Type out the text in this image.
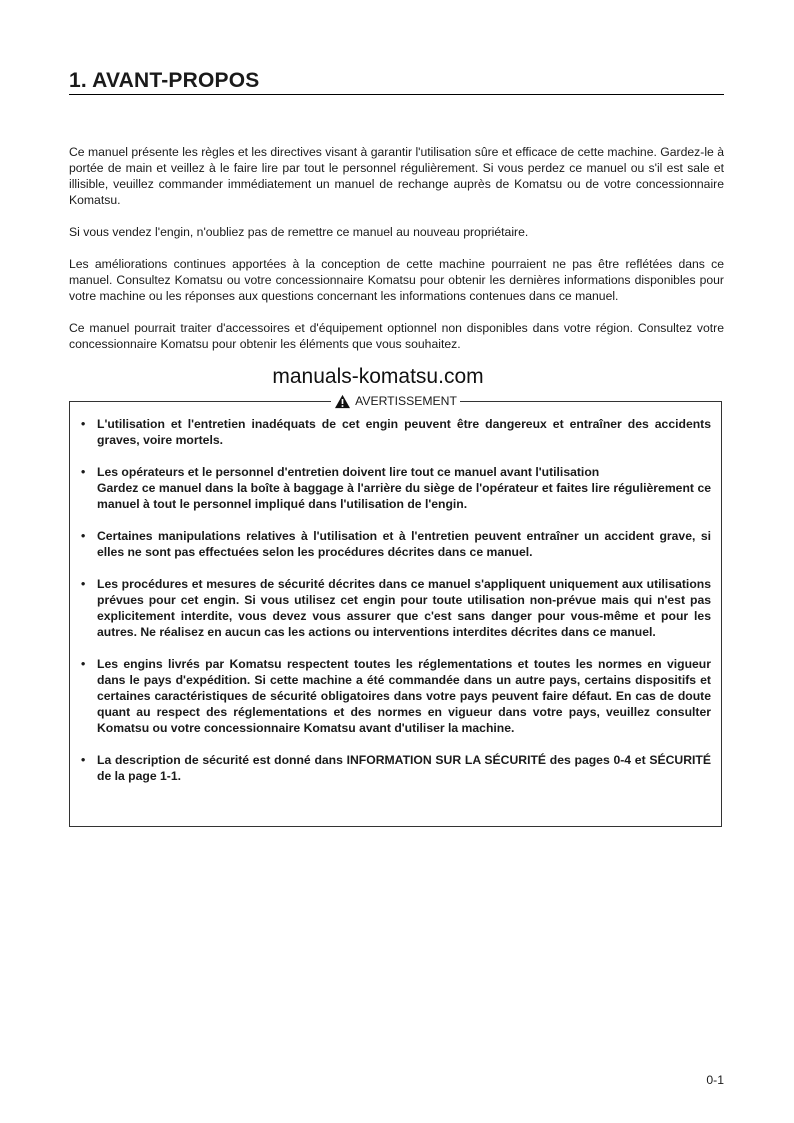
1. AVANT-PROPOS

Ce manuel présente les règles et les directives visant à garantir l'utilisation sûre et efficace de cette machine. Gardez-le à portée de main et veillez à le faire lire par tout le personnel régulièrement. Si vous perdez ce manuel ou s'il est sale et illisible, veuillez commander immédiatement un manuel de rechange auprès de Komatsu ou de votre concessionnaire Komatsu.

Si vous vendez l'engin, n'oubliez pas de remettre ce manuel au nouveau propriétaire.

Les améliorations continues apportées à la conception de cette machine pourraient ne pas être reflétées dans ce manuel. Consultez Komatsu ou votre concessionnaire Komatsu pour obtenir les dernières informations disponibles pour votre machine ou les réponses aux questions concernant les informations contenues dans ce manuel.

Ce manuel pourrait traiter d'accessoires et d'équipement optionnel non disponibles dans votre région. Consultez votre concessionnaire Komatsu pour obtenir les éléments que vous souhaitez.

manuals-komatsu.com
AVERTISSEMENT
• L'utilisation et l'entretien inadéquats de cet engin peuvent être dangereux et entraîner des accidents graves, voire mortels.
• Les opérateurs et le personnel d'entretien doivent lire tout ce manuel avant l'utilisation
Gardez ce manuel dans la boîte à baggage à l'arrière du siège de l'opérateur et faites lire régulièrement ce manuel à tout le personnel impliqué dans l'utilisation de l'engin.
• Certaines manipulations relatives à l'utilisation et à l'entretien peuvent entraîner un accident grave, si elles ne sont pas effectuées selon les procédures décrites dans ce manuel.
• Les procédures et mesures de sécurité décrites dans ce manuel s'appliquent uniquement aux utilisations prévues pour cet engin. Si vous utilisez cet engin pour toute utilisation non-prévue mais qui n'est pas explicitement interdite, vous devez vous assurer que c'est sans danger pour vous-même et pour les autres. Ne réalisez en aucun cas les actions ou interventions interdites décrites dans ce manuel.
• Les engins livrés par Komatsu respectent toutes les réglementations et toutes les normes en vigueur dans le pays d'expédition. Si cette machine a été commandée dans un autre pays, certains dispositifs et certaines caractéristiques de sécurité obligatoires dans votre pays peuvent faire défaut. En cas de doute quant au respect des réglementations et des normes en vigueur dans votre pays, veuillez consulter Komatsu ou votre concessionnaire Komatsu avant d'utiliser la machine.
• La description de sécurité est donné dans INFORMATION SUR LA SÉCURITÉ des pages 0-4 et SÉCURITÉ de la page 1-1.
0-1
